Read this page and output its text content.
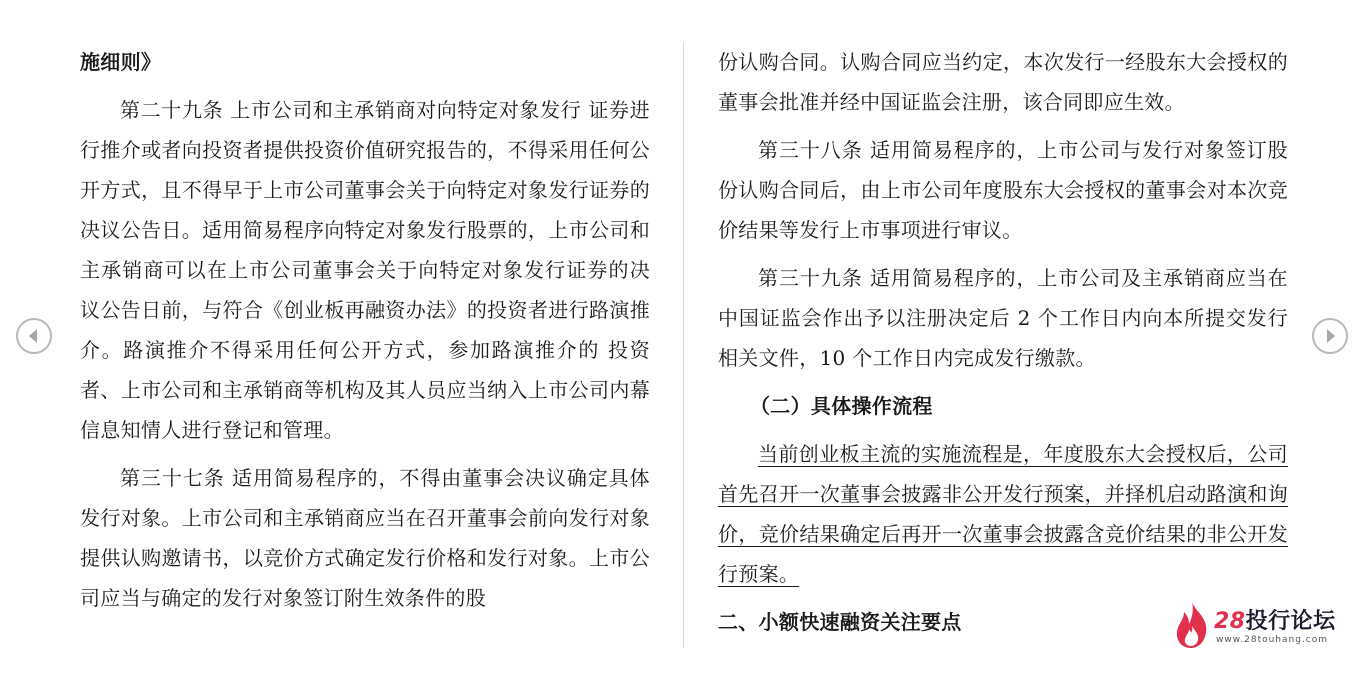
施细则》

第二十九条 上市公司和主承销商对向特定对象发行 证券进行推介或者向投资者提供投资价值研究报告的，不得采用任何公开方式，且不得早于上市公司董事会关于向特定对象发行证券的决议公告日。适用简易程序向特定对象发行股票的，上市公司和主承销商可以在上市公司董事会关于向特定对象发行证券的决 议公告日前，与符合《创业板再融资办法》的投资者进行路演推介。路演推介不得采用任何公开方式，参加路演推介的 投资者、上市公司和主承销商等机构及其人员应当纳入上市公司内幕信息知情人进行登记和管理。

第三十七条 适用简易程序的，不得由董事会决议确定具体发行对象。上市公司和主承销商应当在召开董事会前向发行对象提供认购邀请书，以竞价方式确定发行价格和发行对象。上市公司应当与确定的发行对象签订附生效条件的股

份认购合同。认购合同应当约定，本次发行一经股东大会授权的董事会批准并经中国证监会注册，该合同即应生效。

第三十八条 适用简易程序的，上市公司与发行对象签订股份认购合同后，由上市公司年度股东大会授权的董事会对本次竞价结果等发行上市事项进行审议。

第三十九条 适用简易程序的，上市公司及主承销商应当在中国证监会作出予以注册决定后 2 个工作日内向本所提交发行相关文件，10 个工作日内完成发行缴款。

（二）具体操作流程

当前创业板主流的实施流程是，年度股东大会授权后，公司首先召开一次董事会披露非公开发行预案，并择机启动路演和询价，竞价结果确定后再开一次董事会披露含竞价结果的非公开发行预案。

二、小额快速融资关注要点	28投行论坛
www.28touhang.com
